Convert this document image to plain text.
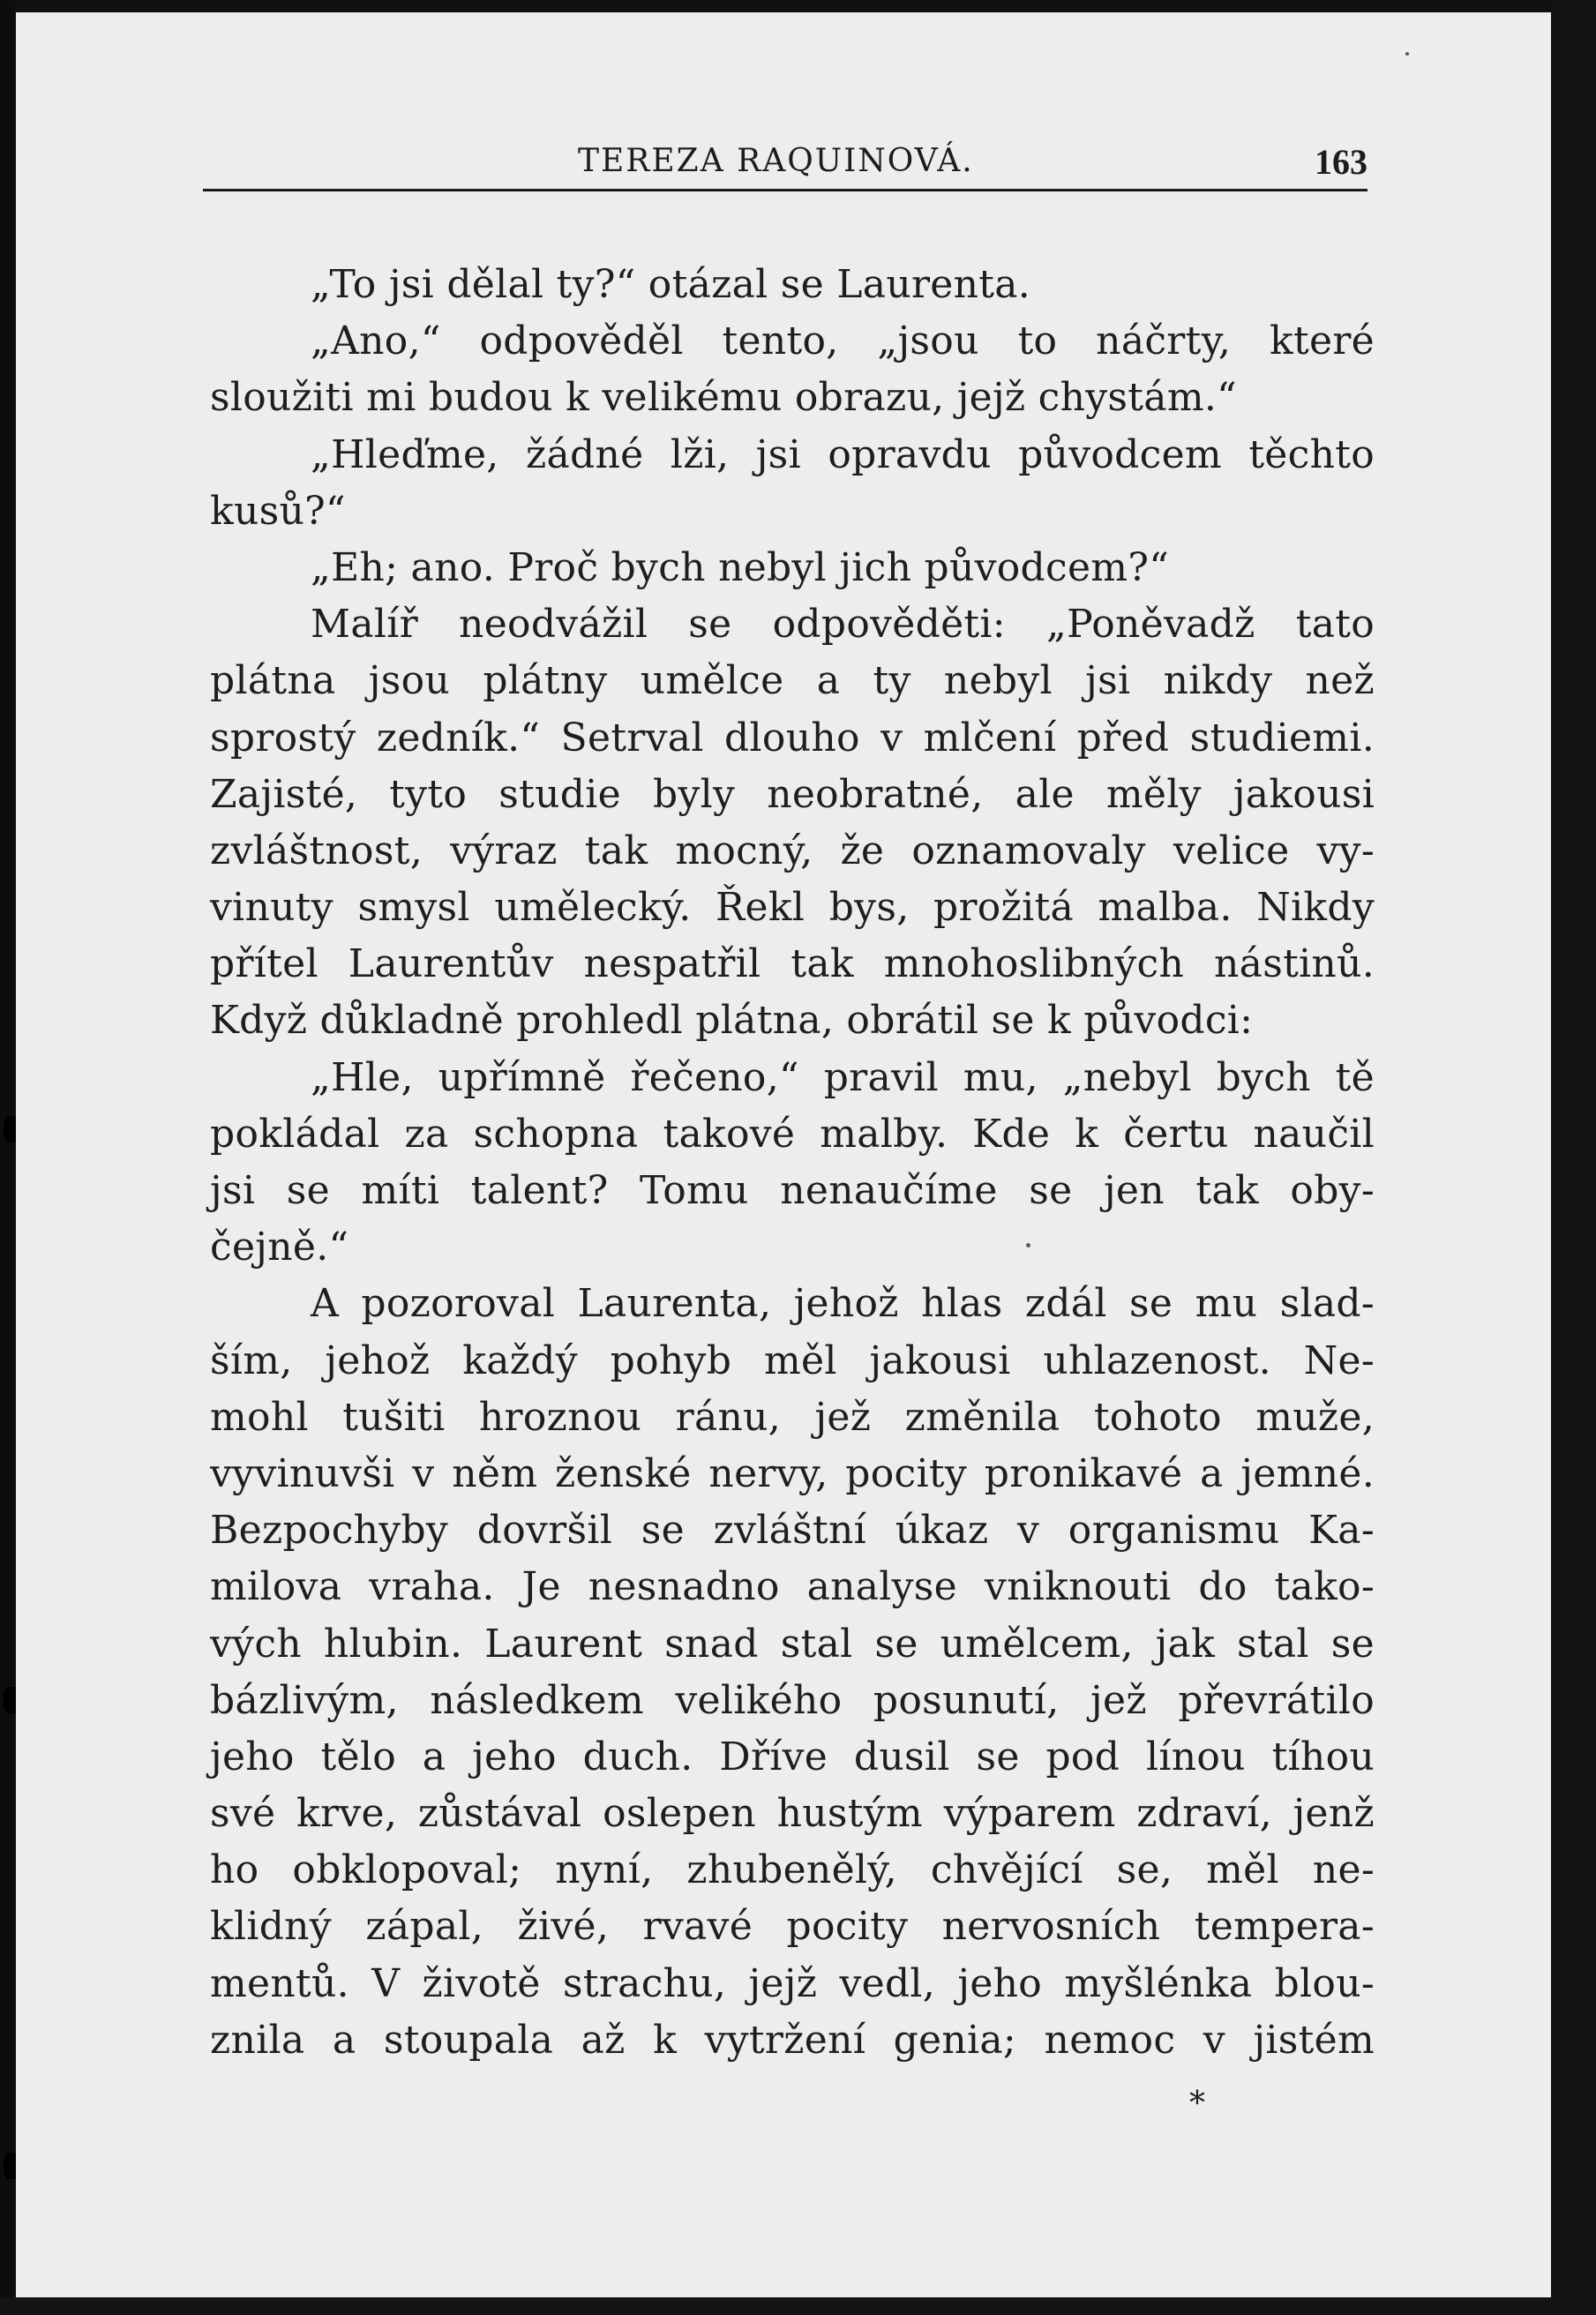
TEREZA RAQUINOVÁ.	163
„To jsi dělal ty?“ otázal se Laurenta.
„Ano,“ odpověděl tento, „jsou to náčrty, které
sloužiti mi budou k velikému obrazu, jejž chystám.“
„Hleďme, žádné lži, jsi opravdu původcem těchto
kusů?“
„Eh; ano. Proč bych nebyl jich původcem?“
Malíř neodvážil se odpověděti: „Poněvadž tato
plátna jsou plátny umělce a ty nebyl jsi nikdy než
sprostý zedník.“ Setrval dlouho v mlčení před studiemi.
Zajisté, tyto studie byly neobratné, ale měly jakousi
zvláštnost, výraz tak mocný, že oznamovaly velice vy-
vinuty smysl umělecký. Řekl bys, prožitá malba. Nikdy
přítel Laurentův nespatřil tak mnohoslibných nástinů.
Když důkladně prohledl plátna, obrátil se k původci:
„Hle, upřímně řečeno,“ pravil mu, „nebyl bych tě
pokládal za schopna takové malby. Kde k čertu naučil
jsi se míti talent? Tomu nenaučíme se jen tak oby-
čejně.“
A pozoroval Laurenta, jehož hlas zdál se mu slad-
ším, jehož každý pohyb měl jakousi uhlazenost. Ne-
mohl tušiti hroznou ránu, jež změnila tohoto muže,
vyvinuvši v něm ženské nervy, pocity pronikavé a jemné.
Bezpochyby dovršil se zvláštní úkaz v organismu Ka-
milova vraha. Je nesnadno analyse vniknouti do tako-
vých hlubin. Laurent snad stal se umělcem, jak stal se
bázlivým, následkem velikého posunutí, jež převrátilo
jeho tělo a jeho duch. Dříve dusil se pod línou tíhou
své krve, zůstával oslepen hustým výparem zdraví, jenž
ho obklopoval; nyní, zhubenělý, chvějící se, měl ne-
klidný zápal, živé, rvavé pocity nervosních tempera-
mentů. V životě strachu, jejž vedl, jeho myšlénka blou-
znila a stoupala až k vytržení genia; nemoc v jistém
*
